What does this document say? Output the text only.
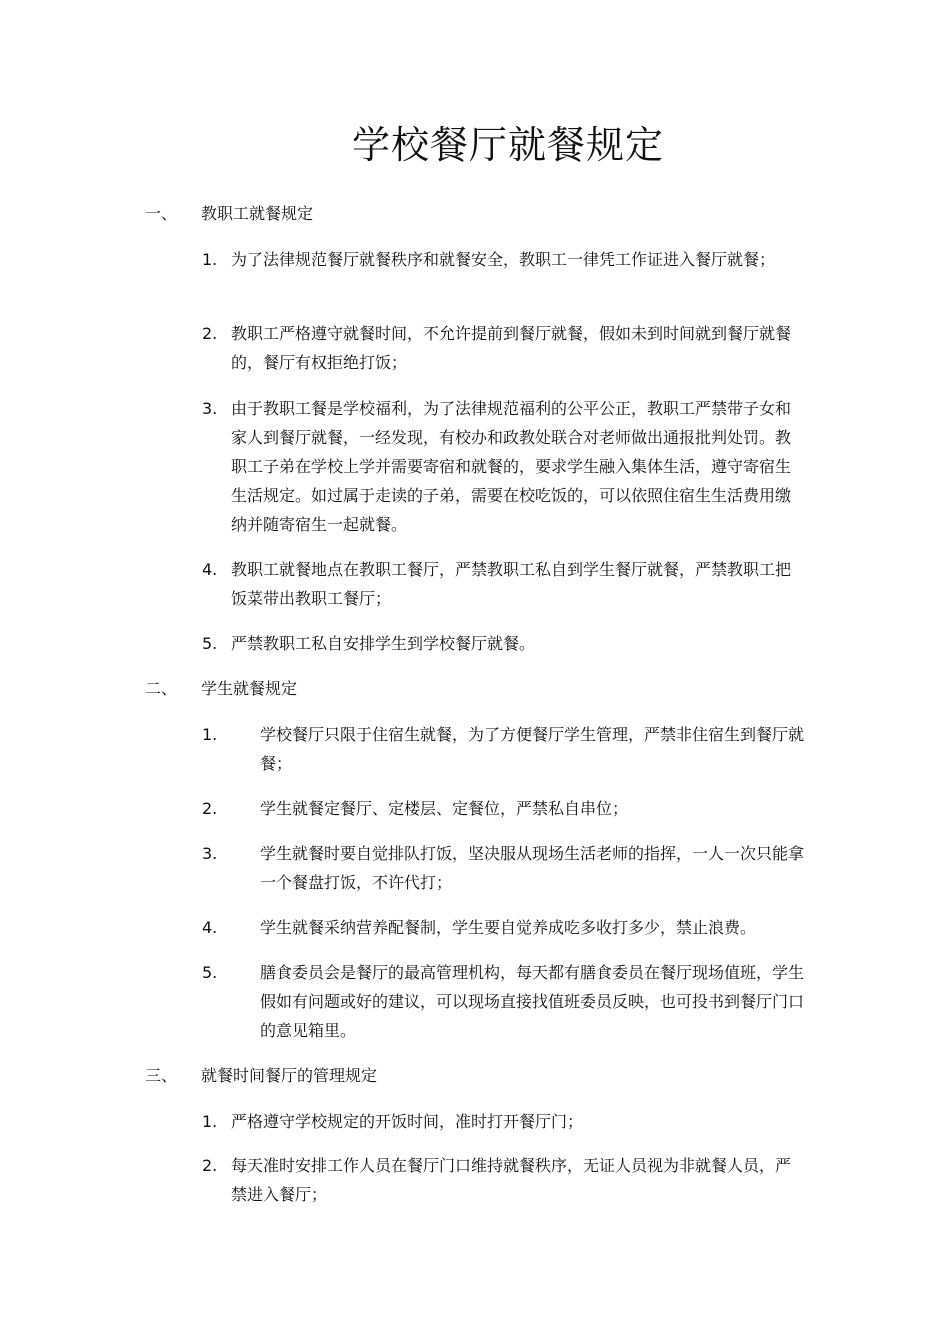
学校餐厅就餐规定
一、 教职工就餐规定
1. 为了法律规范餐厅就餐秩序和就餐安全，教职工一律凭工作证进入餐厅就餐；
2. 教职工严格遵守就餐时间，不允许提前到餐厅就餐，假如未到时间就到餐厅就餐的，餐厅有权拒绝打饭；
3. 由于教职工餐是学校福利，为了法律规范福利的公平公正，教职工严禁带子女和家人到餐厅就餐，一经发现，有校办和政教处联合对老师做出通报批判处罚。教职工子弟在学校上学并需要寄宿和就餐的，要求学生融入集体生活，遵守寄宿生生活规定。如过属于走读的子弟，需要在校吃饭的，可以依照住宿生生活费用缴纳并随寄宿生一起就餐。
4. 教职工就餐地点在教职工餐厅，严禁教职工私自到学生餐厅就餐，严禁教职工把饭菜带出教职工餐厅；
5. 严禁教职工私自安排学生到学校餐厅就餐。
二、 学生就餐规定
1.	学校餐厅只限于住宿生就餐，为了方便餐厅学生管理，严禁非住宿生到餐厅就餐；
2.	学生就餐定餐厅、定楼层、定餐位，严禁私自串位；
3.	学生就餐时要自觉排队打饭，坚决服从现场生活老师的指挥，一人一次只能拿一个餐盘打饭，不许代打；
4.	学生就餐采纳营养配餐制，学生要自觉养成吃多收打多少，禁止浪费。
5.	膳食委员会是餐厅的最高管理机构，每天都有膳食委员在餐厅现场值班，学生假如有问题或好的建议，可以现场直接找值班委员反映，也可投书到餐厅门口的意见箱里。
三、 就餐时间餐厅的管理规定
1. 严格遵守学校规定的开饭时间，准时打开餐厅门；
2. 每天准时安排工作人员在餐厅门口维持就餐秩序，无证人员视为非就餐人员，严禁进入餐厅；
